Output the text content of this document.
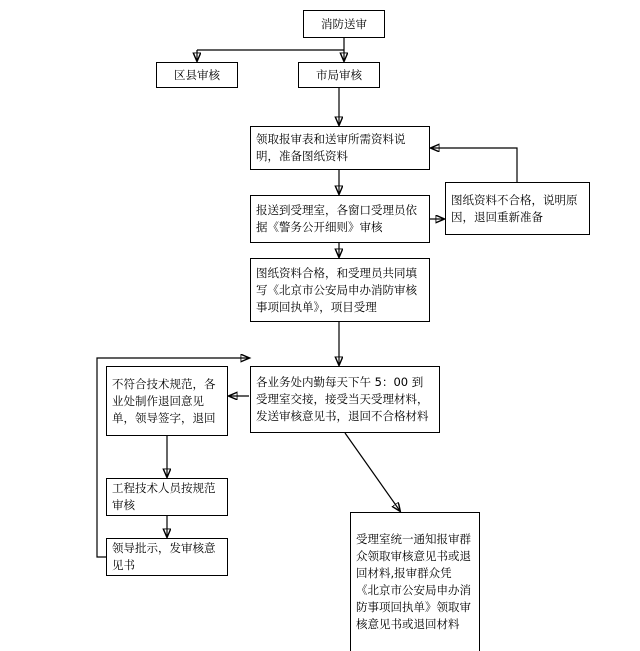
消防送审
区县审核	市局审核
领取报审表和送审所需资料说明，准备图纸资料
报送到受理室，各窗口受理员依据《警务公开细则》审核
图纸资料不合格，说明原因，退回重新准备
图纸资料合格，和受理员共同填写《北京市公安局申办消防审核事项回执单》，项目受理
各业务处内勤每天下午 5：00 到受理室交接，接受当天受理材料，发送审核意见书，退回不合格材料
不符合技术规范，各业处制作退回意见单，领导签字，退回
工程技术人员按规范审核
领导批示，发审核意见书
受理室统一通知报审群众领取审核意见书或退回材料,报审群众凭《北京市公安局申办消防事项回执单》领取审核意见书或退回材料
